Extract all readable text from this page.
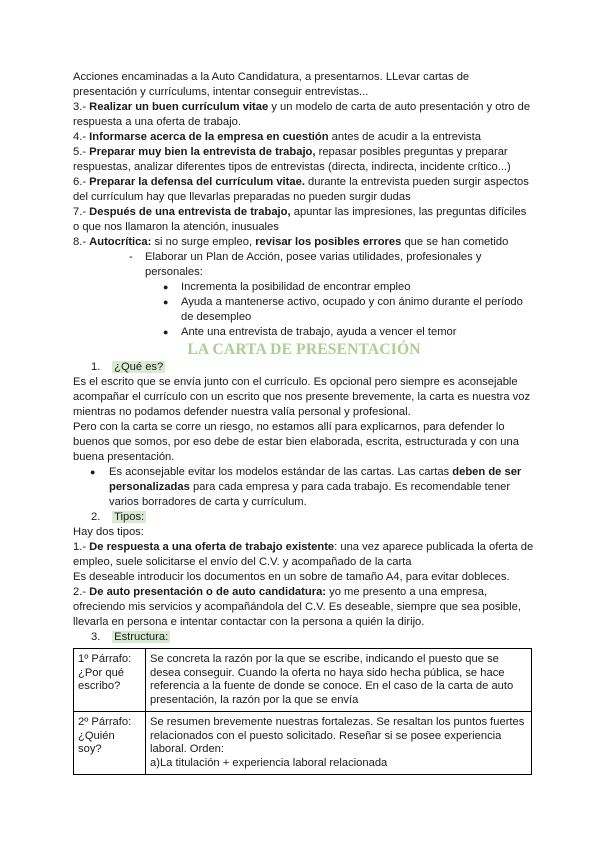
Acciones encaminadas a la Auto Candidatura, a presentarnos. LLevar cartas de presentación y currículums, intentar conseguir entrevistas...

3.- Realizar un buen currículum vitae y un modelo de carta de auto presentación y otro de respuesta a una oferta de trabajo.

4.- Informarse acerca de la empresa en cuestión antes de acudir a la entrevista

5.- Preparar muy bien la entrevista de trabajo, repasar posibles preguntas y preparar respuestas, analizar diferentes tipos de entrevistas (directa, indirecta, incidente crítico...)

6.- Preparar la defensa del currículum vitae. durante la entrevista pueden surgir aspectos del currículum hay que llevarlas preparadas no pueden surgir dudas

7.- Después de una entrevista de trabajo, apuntar las impresiones, las preguntas difíciles o que nos llamaron la atención, inusuales

8.- Autocrítica: si no surge empleo, revisar los posibles errores que se han cometido

- Elaborar un Plan de Acción, posee varias utilidades, profesionales y personales:
● Incrementa la posibilidad de encontrar empleo
● Ayuda a mantenerse activo, ocupado y con ánimo durante el período de desempleo
● Ante una entrevista de trabajo, ayuda a vencer el temor
LA CARTA DE PRESENTACIÓN

1. ¿Qué es?

Es el escrito que se envía junto con el currículo. Es opcional pero siempre es aconsejable acompañar el currículo con un escrito que nos presente brevemente, la carta es nuestra voz mientras no podamos defender nuestra valía personal y profesional.

Pero con la carta se corre un riesgo, no estamos allí para explicarnos, para defender lo buenos que somos, por eso debe de estar bien elaborada, escrita, estructurada y con una buena presentación.

● Es aconsejable evitar los modelos estándar de las cartas. Las cartas deben de ser personalizadas para cada empresa y para cada trabajo. Es recomendable tener varios borradores de carta y currículum.

2. Tipos:

Hay dos tipos:

1.- De respuesta a una oferta de trabajo existente: una vez aparece publicada la oferta de empleo, suele solicitarse el envío del C.V. y acompañado de la carta

Es deseable introducir los documentos en un sobre de tamaño A4, para evitar dobleces.

2.- De auto presentación o de auto candidatura: yo me presento a una empresa, ofreciendo mis servicios y acompañándola del C.V. Es deseable, siempre que sea posible, llevarla en persona e intentar contactar con la persona a quién la dirijo.

3. Estructura:

1º Párrafo: ¿Por qué escribo?	Se concreta la razón por la que se escribe, indicando el puesto que se desea conseguir. Cuando la oferta no haya sido hecha pública, se hace referencia a la fuente de donde se conoce. En el caso de la carta de auto presentación, la razón por la que se envía
2º Párrafo: ¿Quién soy?	Se resumen brevemente nuestras fortalezas. Se resaltan los puntos fuertes relacionados con el puesto solicitado. Reseñar si se posee experiencia laboral. Orden:
a)La titulación + experiencia laboral relacionada
